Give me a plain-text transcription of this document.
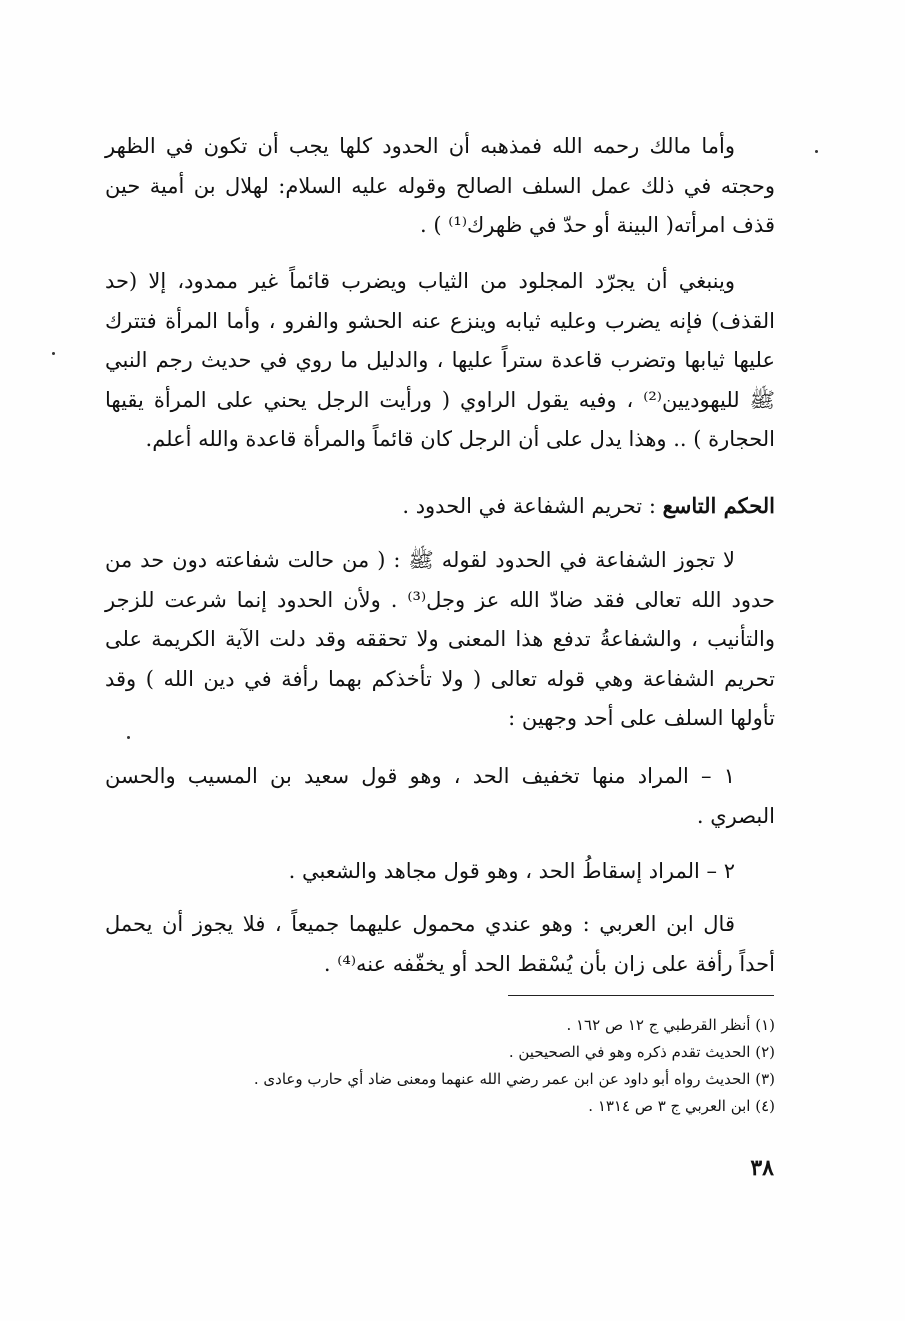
وأما مالك رحمه الله فمذهبه أن الحدود كلها يجب أن تكون في الظهر وحجته في ذلك عمل السلف الصالح وقوله عليه السلام: لهلال بن أمية حين قذف امرأته( البينة أو حدّ في ظهرك⁽¹⁾ ) .

وينبغي أن يجرّد المجلود من الثياب ويضرب قائماً غير ممدود، إلا (حد القذف) فإنه يضرب وعليه ثيابه وينزع عنه الحشو والفرو ، وأما المرأة فتترك عليها ثيابها وتضرب قاعدة ستراً عليها ، والدليل ما روي في حديث رجم النبي ﷺ لليهوديين⁽²⁾ ، وفيه يقول الراوي ( ورأيت الرجل يحني على المرأة يقيها الحجارة ) .. وهذا يدل على أن الرجل كان قائماً والمرأة قاعدة والله أعلم.

الحكم التاسع : تحريم الشفاعة في الحدود .

لا تجوز الشفاعة في الحدود لقوله ﷺ : ( من حالت شفاعته دون حد من حدود الله تعالى فقد ضادّ الله عز وجل⁽³⁾ . ولأن الحدود إنما شرعت للزجر والتأنيب ، والشفاعةُ تدفع هذا المعنى ولا تحققه وقد دلت الآية الكريمة على تحريم الشفاعة وهي قوله تعالى ( ولا تأخذكم بهما رأفة في دين الله ) وقد تأولها السلف على أحد وجهين :

١ – المراد منها تخفيف الحد ، وهو قول سعيد بن المسيب والحسن البصري .

٢ – المراد إسقاطُ الحد ، وهو قول مجاهد والشعبي .

قال ابن العربي : وهو عندي محمول عليهما جميعاً ، فلا يجوز أن يحمل أحداً رأفة على زان بأن يُسْقط الحد أو يخفّفه عنه⁽⁴⁾ .

(١) أنظر القرطبي ج ١٢ ص ١٦٢ .

(٢) الحديث تقدم ذكره وهو في الصحيحين .

(٣) الحديث رواه أبو داود عن ابن عمر رضي الله عنهما ومعنى ضاد أي حارب وعادى .

(٤) ابن العربي ج ٣ ص ١٣١٤ .

٣٨
